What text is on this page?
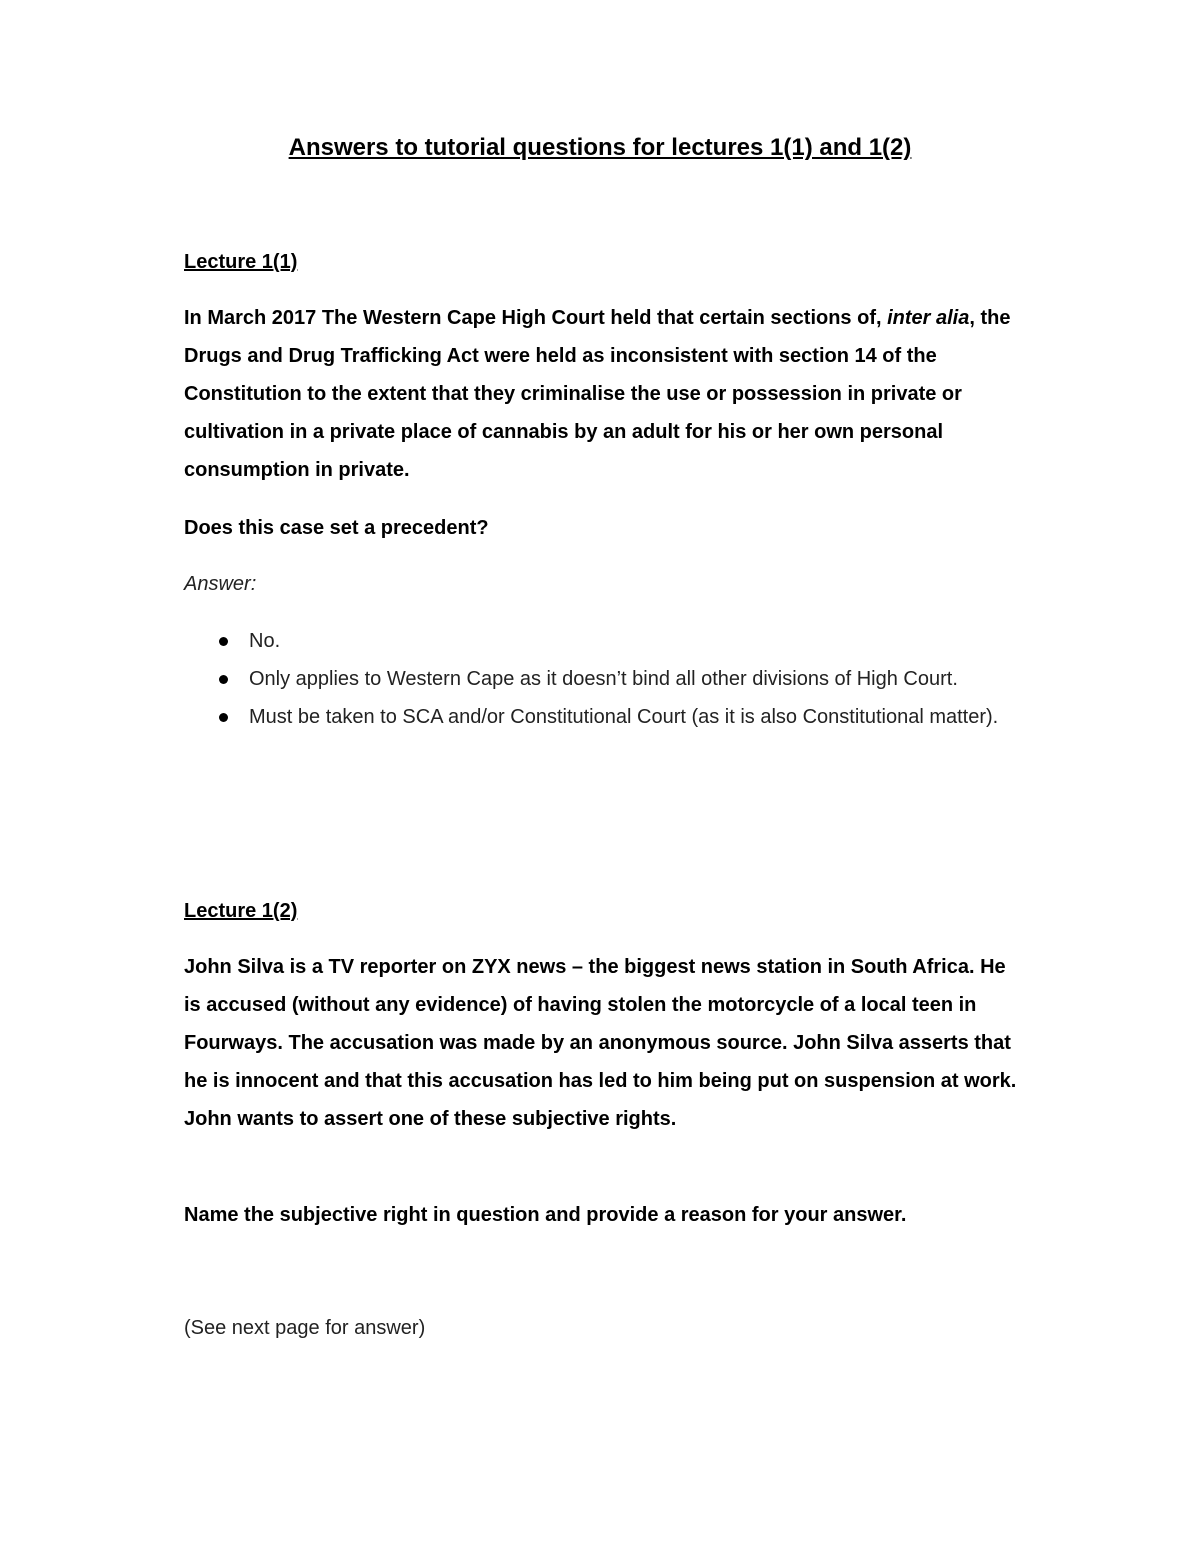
Answers to tutorial questions for lectures 1(1) and 1(2)
Lecture 1(1)

In March 2017 The Western Cape High Court held that certain sections of, inter alia, the Drugs and Drug Trafficking Act were held as inconsistent with section 14 of the Constitution to the extent that they criminalise the use or possession in private or cultivation in a private place of cannabis by an adult for his or her own personal consumption in private.

Does this case set a precedent?

Answer:

No.
Only applies to Western Cape as it doesn’t bind all other divisions of High Court.
Must be taken to SCA and/or Constitutional Court (as it is also Constitutional matter).
Lecture 1(2)

John Silva is a TV reporter on ZYX news – the biggest news station in South Africa. He is accused (without any evidence) of having stolen the motorcycle of a local teen in Fourways. The accusation was made by an anonymous source. John Silva asserts that he is innocent and that this accusation has led to him being put on suspension at work. John wants to assert one of these subjective rights.

Name the subjective right in question and provide a reason for your answer.

(See next page for answer)
